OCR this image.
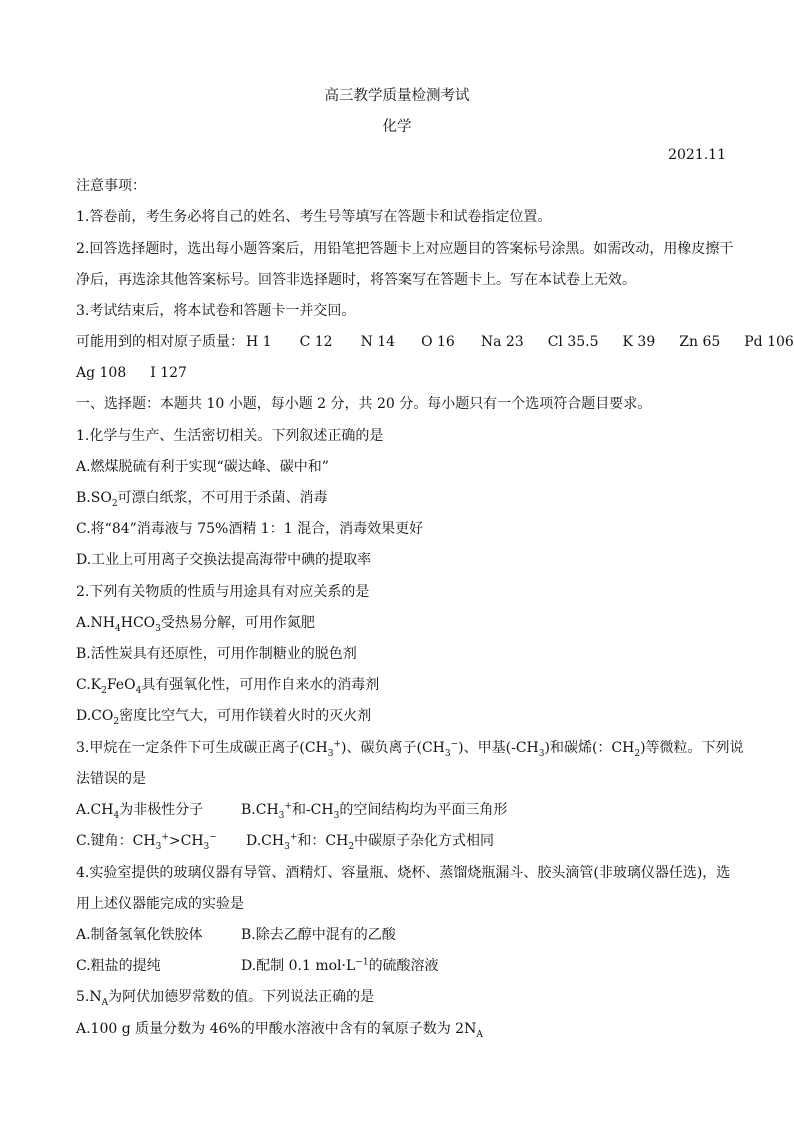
高三教学质量检测考试
化学
2021.11
注意事项：
1.答卷前，考生务必将自己的姓名、考生号等填写在答题卡和试卷指定位置。
2.回答选择题时，选出每小题答案后，用铅笔把答题卡上对应题目的答案标号涂黑。如需改动，用橡皮擦干
净后，再选涂其他答案标号。回答非选择题时，将答案写在答题卡上。写在本试卷上无效。
3.考试结束后，将本试卷和答题卡一并交回。
可能用到的相对原子质量： H 1 C 12 N 14 O 16 Na 23 Cl 35.5 K 39 Zn 65 Pd 106
Ag 108 I 127
一、选择题：本题共 10 小题，每小题 2 分，共 20 分。每小题只有一个选项符合题目要求。
1.化学与生产、生活密切相关。下列叙述正确的是
A.燃煤脱硫有利于实现“碳达峰、碳中和”
$B.SO_2$可漂白纸浆，不可用于杀菌、消毒
C.将“84”消毒液与 75%酒精 1：1 混合，消毒效果更好
D.工业上可用离子交换法提高海带中碘的提取率
2.下列有关物质的性质与用途具有对应关系的是
$A.NH_4HCO_3$受热易分解，可用作氮肥
B.活性炭具有还原性，可用作制糖业的脱色剂
$C.K_2FeO_4$具有强氧化性，可用作自来水的消毒剂
$D.CO_2$密度比空气大，可用作镁着火时的灭火剂
3.甲烷在一定条件下可生成碳正离子$(CH_3^+)$、碳负离子$(CH_3^-)$、甲基$(-CH_3)$和碳烯(：$CH_2$)等微粒。下列说
法错误的是
$A.CH_4$为非极性分子	$B.CH_3^+$和$-CH_3$的空间结构均为平面三角形
C.键角：$CH_3^+>CH_3^-$ $D.CH_3^+$和：$CH_2$中碳原子杂化方式相同
4.实验室提供的玻璃仪器有导管、酒精灯、容量瓶、烧杯、蒸馏烧瓶漏斗、胶头滴管(非玻璃仪器任选)，选
用上述仪器能完成的实验是
A.制备氢氧化铁胶体	B.除去乙醇中混有的乙酸
C.粗盐的提纯	D.配制 0.1 $mol\cdot L^{-1}$的硫酸溶液
$5.N_A$为阿伏加德罗常数的值。下列说法正确的是
A.100 g 质量分数为 46%的甲酸水溶液中含有的氧原子数为 $2N_A$
